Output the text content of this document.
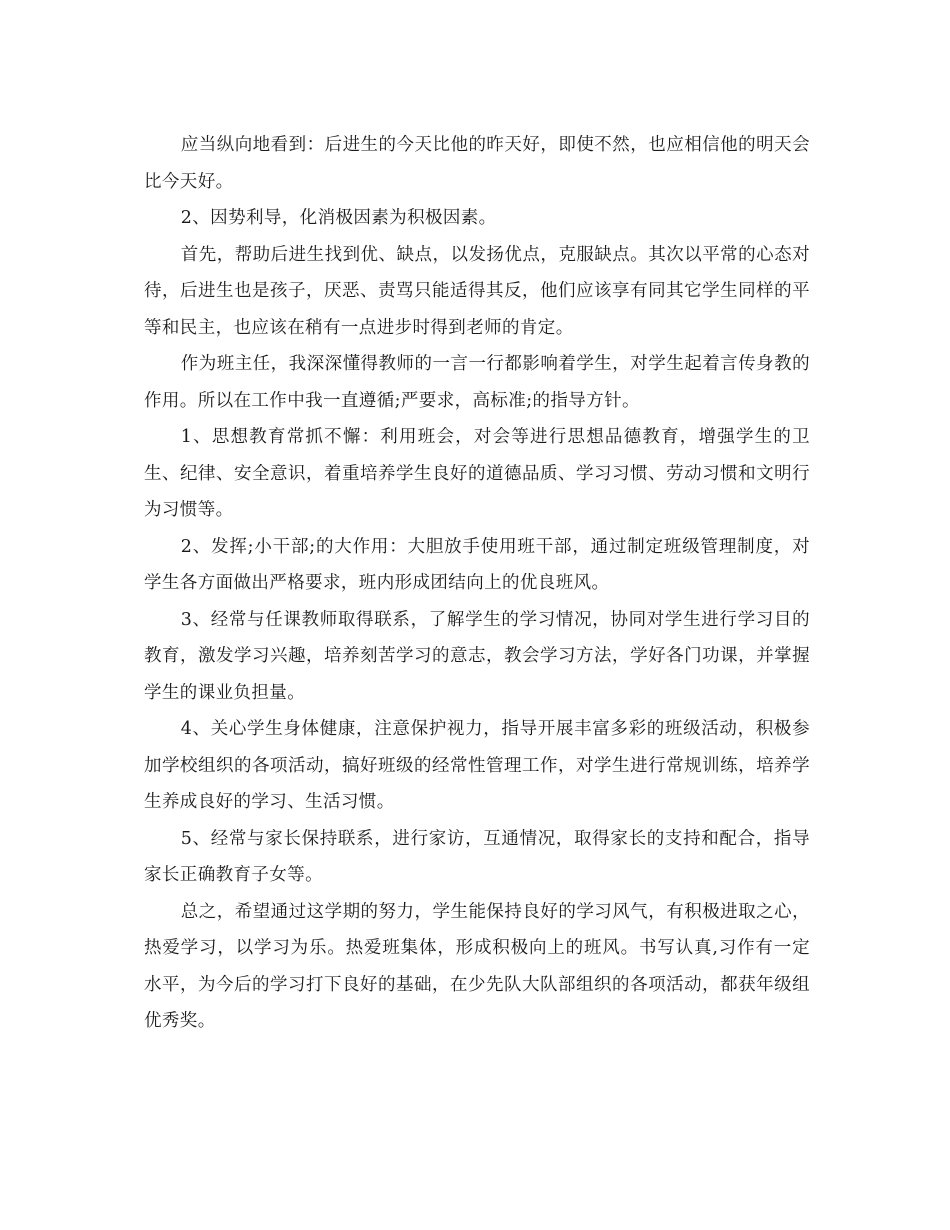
应当纵向地看到：后进生的今天比他的昨天好，即使不然，也应相信他的明天会比今天好。

2、因势利导，化消极因素为积极因素。

首先，帮助后进生找到优、缺点，以发扬优点，克服缺点。其次以平常的心态对待，后进生也是孩子，厌恶、责骂只能适得其反，他们应该享有同其它学生同样的平等和民主，也应该在稍有一点进步时得到老师的肯定。

作为班主任，我深深懂得教师的一言一行都影响着学生，对学生起着言传身教的作用。所以在工作中我一直遵循;严要求，高标准;的指导方针。

1、思想教育常抓不懈：利用班会，对会等进行思想品德教育，增强学生的卫生、纪律、安全意识，着重培养学生良好的道德品质、学习习惯、劳动习惯和文明行为习惯等。

2、发挥;小干部;的大作用：大胆放手使用班干部，通过制定班级管理制度，对学生各方面做出严格要求，班内形成团结向上的优良班风。

3、经常与任课教师取得联系，了解学生的学习情况，协同对学生进行学习目的教育，激发学习兴趣，培养刻苦学习的意志，教会学习方法，学好各门功课，并掌握学生的课业负担量。

4、关心学生身体健康，注意保护视力，指导开展丰富多彩的班级活动，积极参加学校组织的各项活动，搞好班级的经常性管理工作，对学生进行常规训练，培养学生养成良好的学习、生活习惯。

5、经常与家长保持联系，进行家访，互通情况，取得家长的支持和配合，指导家长正确教育子女等。

总之，希望通过这学期的努力，学生能保持良好的学习风气，有积极进取之心，热爱学习，以学习为乐。热爱班集体，形成积极向上的班风。书写认真,习作有一定水平，为今后的学习打下良好的基础，在少先队大队部组织的各项活动，都获年级组优秀奖。
